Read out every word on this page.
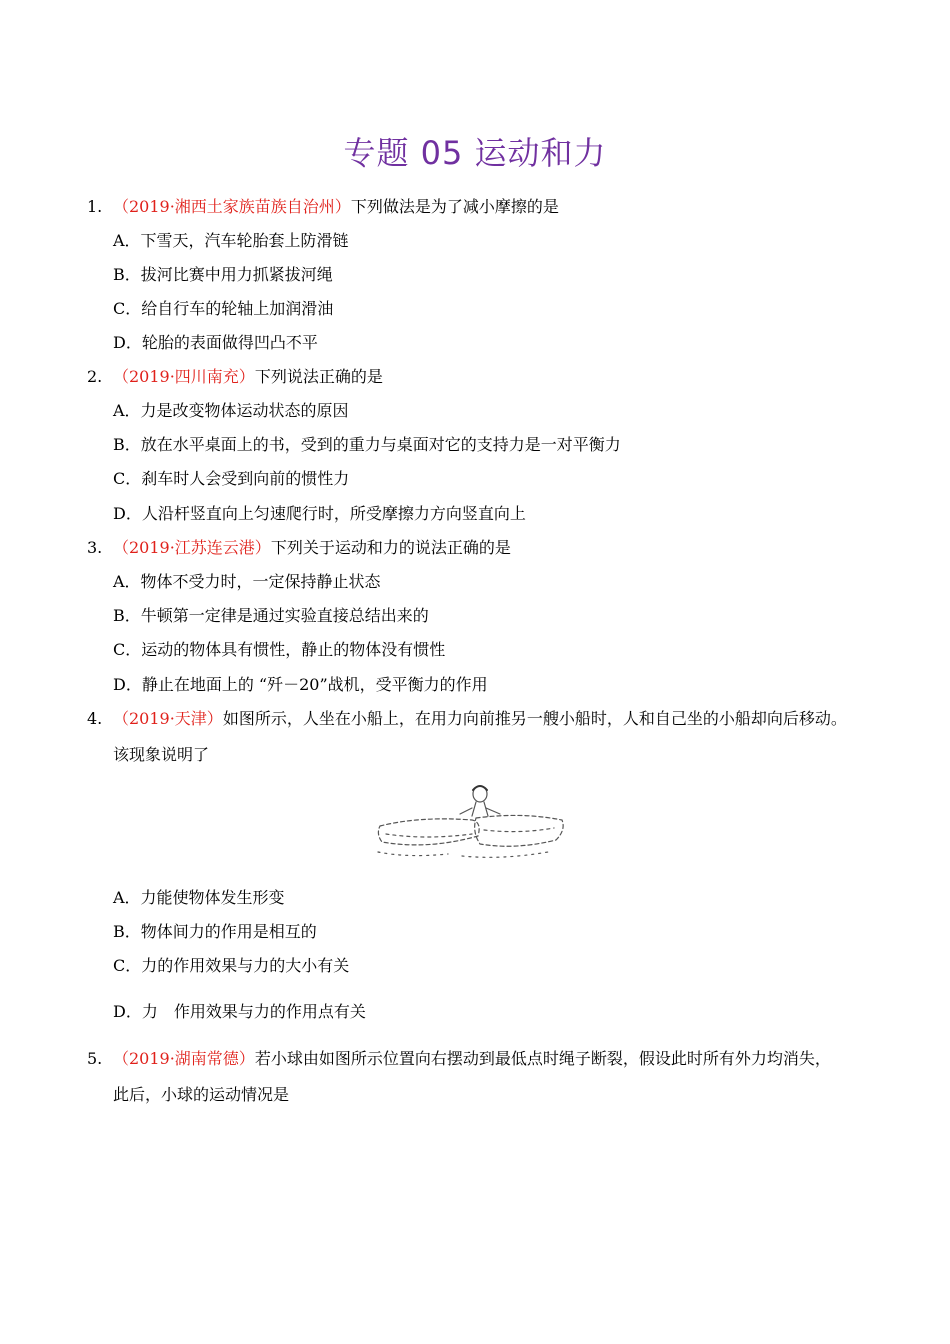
专题 05 运动和力
1. （2019·湘西土家族苗族自治州）下列做法是为了减小摩擦的是
A．下雪天，汽车轮胎套上防滑链
B．拔河比赛中用力抓紧拔河绳
C．给自行车的轮轴上加润滑油
D．轮胎的表面做得凹凸不平
2. （2019·四川南充）下列说法正确的是
A．力是改变物体运动状态的原因
B．放在水平桌面上的书，受到的重力与桌面对它的支持力是一对平衡力
C．刹车时人会受到向前的惯性力
D．人沿杆竖直向上匀速爬行时，所受摩擦力方向竖直向上
3. （2019·江苏连云港）下列关于运动和力的说法正确的是
A．物体不受力时，一定保持静止状态
B．牛顿第一定律是通过实验直接总结出来的
C．运动的物体具有惯性，静止的物体没有惯性
D．静止在地面上的 “歼－20”战机，受平衡力的作用
4. （2019·天津）如图所示，人坐在小船上，在用力向前推另一艘小船时，人和自己坐的小船却向后移动。
该现象说明了
A．力能使物体发生形变
B．物体间力的作用是相互的
C．力的作用效果与力的大小有关
D．力　作用效果与力的作用点有关
5. （2019·湖南常德）若小球由如图所示位置向右摆动到最低点时绳子断裂，假设此时所有外力均消失，
此后，小球的运动情况是
